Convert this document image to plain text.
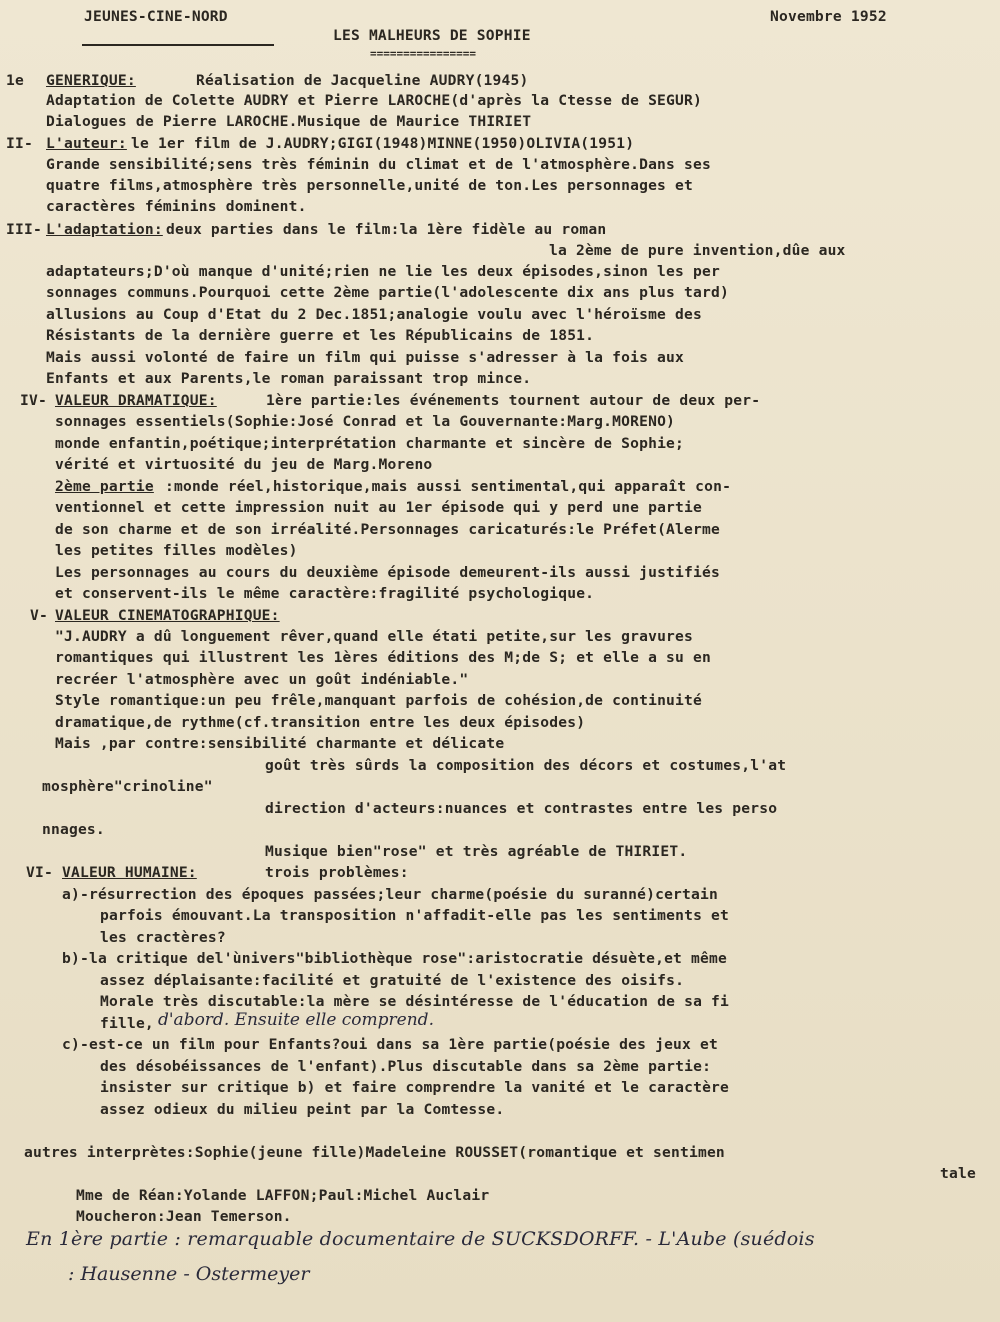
JEUNES-CINE-NORD
LES MALHEURS DE SOPHIE
================
Novembre 1952
1e GENERIQUE:	Réalisation de Jacqueline AUDRY(1945)
Adaptation de Colette AUDRY et Pierre LAROCHE(d'après la Ctesse de SEGUR)
Dialogues de Pierre LAROCHE.Musique de Maurice THIRIET
II- L'auteur: le 1er film de J.AUDRY;GIGI(1948)MINNE(1950)OLIVIA(1951)
Grande sensibilité;sens très féminin du climat et de l'atmosphère.Dans ses
quatre films,atmosphère très personnelle,unité de ton.Les personnages et
caractères féminins dominent.
III- L'adaptation: deux parties dans le film:la 1ère fidèle au roman
la 2ème de pure invention,dûe aux
adaptateurs;D'où manque d'unité;rien ne lie les deux épisodes,sinon les per
sonnages communs.Pourquoi cette 2ème partie(l'adolescente dix ans plus tard)
allusions au Coup d'Etat du 2 Dec.1851;analogie voulu avec l'héroïsme des
Résistants de la dernière guerre et les Républicains de 1851.
Mais aussi volonté de faire un film qui puisse s'adresser à la fois aux
Enfants et aux Parents,le roman paraissant trop mince.
IV- VALEUR DRAMATIQUE:	1ère partie:les événements tournent autour de deux per-
sonnages essentiels(Sophie:José Conrad et la Gouvernante:Marg.MORENO)
monde enfantin,poétique;interprétation charmante et sincère de Sophie;
vérité et virtuosité du jeu de Marg.Moreno
2ème partie :monde réel,historique,mais aussi sentimental,qui apparaît con-
ventionnel et cette impression nuit au 1er épisode qui y perd une partie
de son charme et de son irréalité.Personnages caricaturés:le Préfet(Alerme
les petites filles modèles)
Les personnages au cours du deuxième épisode demeurent-ils aussi justifiés
et conservent-ils le même caractère:fragilité psychologique.
V- VALEUR CINEMATOGRAPHIQUE:
"J.AUDRY a dû longuement rêver,quand elle étati petite,sur les gravures
romantiques qui illustrent les 1ères éditions des M;de S; et elle a su en
recréer l'atmosphère avec un goût indéniable."
Style romantique:un peu frêle,manquant parfois de cohésion,de continuité
dramatique,de rythme(cf.transition entre les deux épisodes)
Mais ,par contre:sensibilité charmante et délicate
goût très sûrds la composition des décors et costumes,l'at
mosphère"crinoline"
direction d'acteurs:nuances et contrastes entre les perso
nnages.
Musique bien"rose" et très agréable de THIRIET.
VI- VALEUR HUMAINE:	trois problèmes:
a)-résurrection des époques passées;leur charme(poésie du suranné)certain
parfois émouvant.La transposition n'affadit-elle pas les sentiments et
les cractères?
b)-la critique del'ùnivers"bibliothèque rose":aristocratie désuète,et même
assez déplaisante:facilité et gratuité de l'existence des oisifs.
Morale très discutable:la mère se désintéresse de l'éducation de sa fi
fille, d'abord. Ensuite elle comprend.
c)-est-ce un film pour Enfants?oui dans sa 1ère partie(poésie des jeux et
des désobéissances de l'enfant).Plus discutable dans sa 2ème partie:
insister sur critique b) et faire comprendre la vanité et le caractère
assez odieux du milieu peint par la Comtesse.
autres interprètes:Sophie(jeune fille)Madeleine ROUSSET(romantique et sentimen
tale
Mme de Réan:Yolande LAFFON;Paul:Michel Auclair
Moucheron:Jean Temerson.
En 1ère partie : remarquable documentaire de SUCKSDORFF. - L'Aube (suédois
: Hausenne - Ostermeyer
